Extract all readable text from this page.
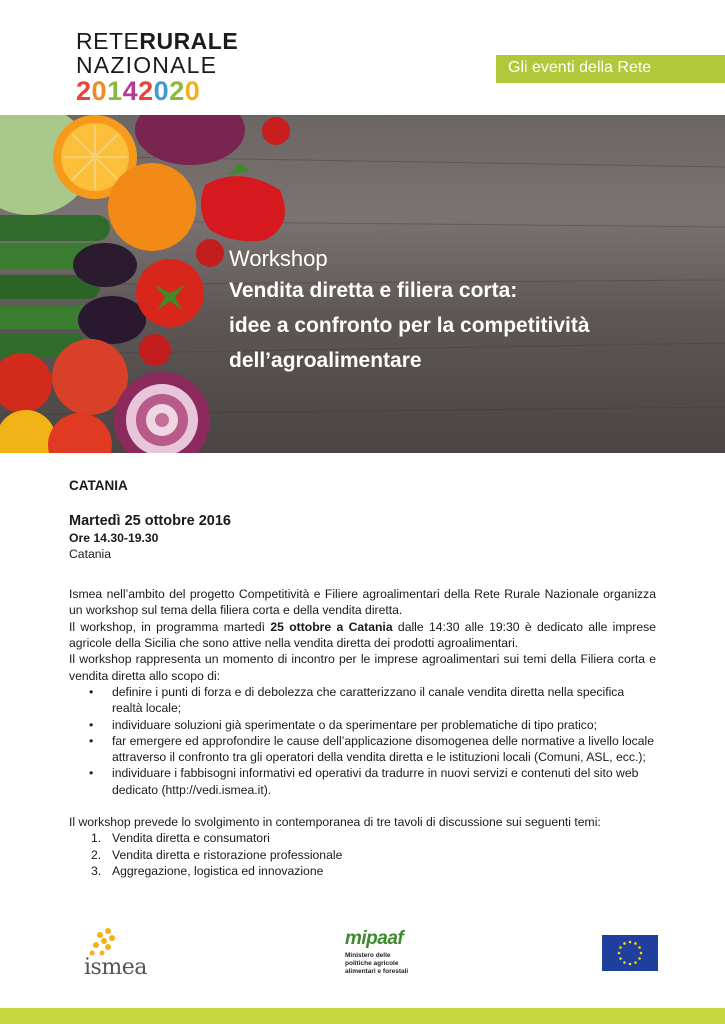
RETERURALE
NAZIONALE
20142020
Gli eventi della Rete
Workshop
Vendita diretta e filiera corta:
idee a confronto per la competitività
dell’agroalimentare
CATANIA
Martedì 25 ottobre 2016
Ore 14.30-19.30
Catania

Ismea nell’ambito del progetto Competitività e Filiere agroalimentari della Rete Rurale Nazionale organizza un workshop sul tema della filiera corta e della vendita diretta.

Il workshop, in programma martedì 25 ottobre a Catania dalle 14:30 alle 19:30 è dedicato alle imprese agricole della Sicilia che sono attive nella vendita diretta dei prodotti agroalimentari.

Il workshop rappresenta un momento di incontro per le imprese agroalimentari sui temi della Filiera corta e vendita diretta allo scopo di:

• definire i punti di forza e di debolezza che caratterizzano il canale vendita diretta nella specifica realtà locale;
• individuare soluzioni già sperimentate o da sperimentare per problematiche di tipo pratico;
• far emergere ed approfondire le cause dell’applicazione disomogenea delle normative a livello locale attraverso il confronto tra gli operatori della vendita diretta e le istituzioni locali (Comuni, ASL, ecc.);
• individuare i fabbisogni informativi ed operativi da tradurre in nuovi servizi e contenuti del sito web dedicato (http://vedi.ismea.it).

Il workshop prevede lo svolgimento in contemporanea di tre tavoli di discussione sui seguenti temi:

1. Vendita diretta e consumatori
2. Vendita diretta e ristorazione professionale
3. Aggregazione, logistica ed innovazione
ismea
mipaaf
Ministero delle
politiche agricole
alimentari e forestali
